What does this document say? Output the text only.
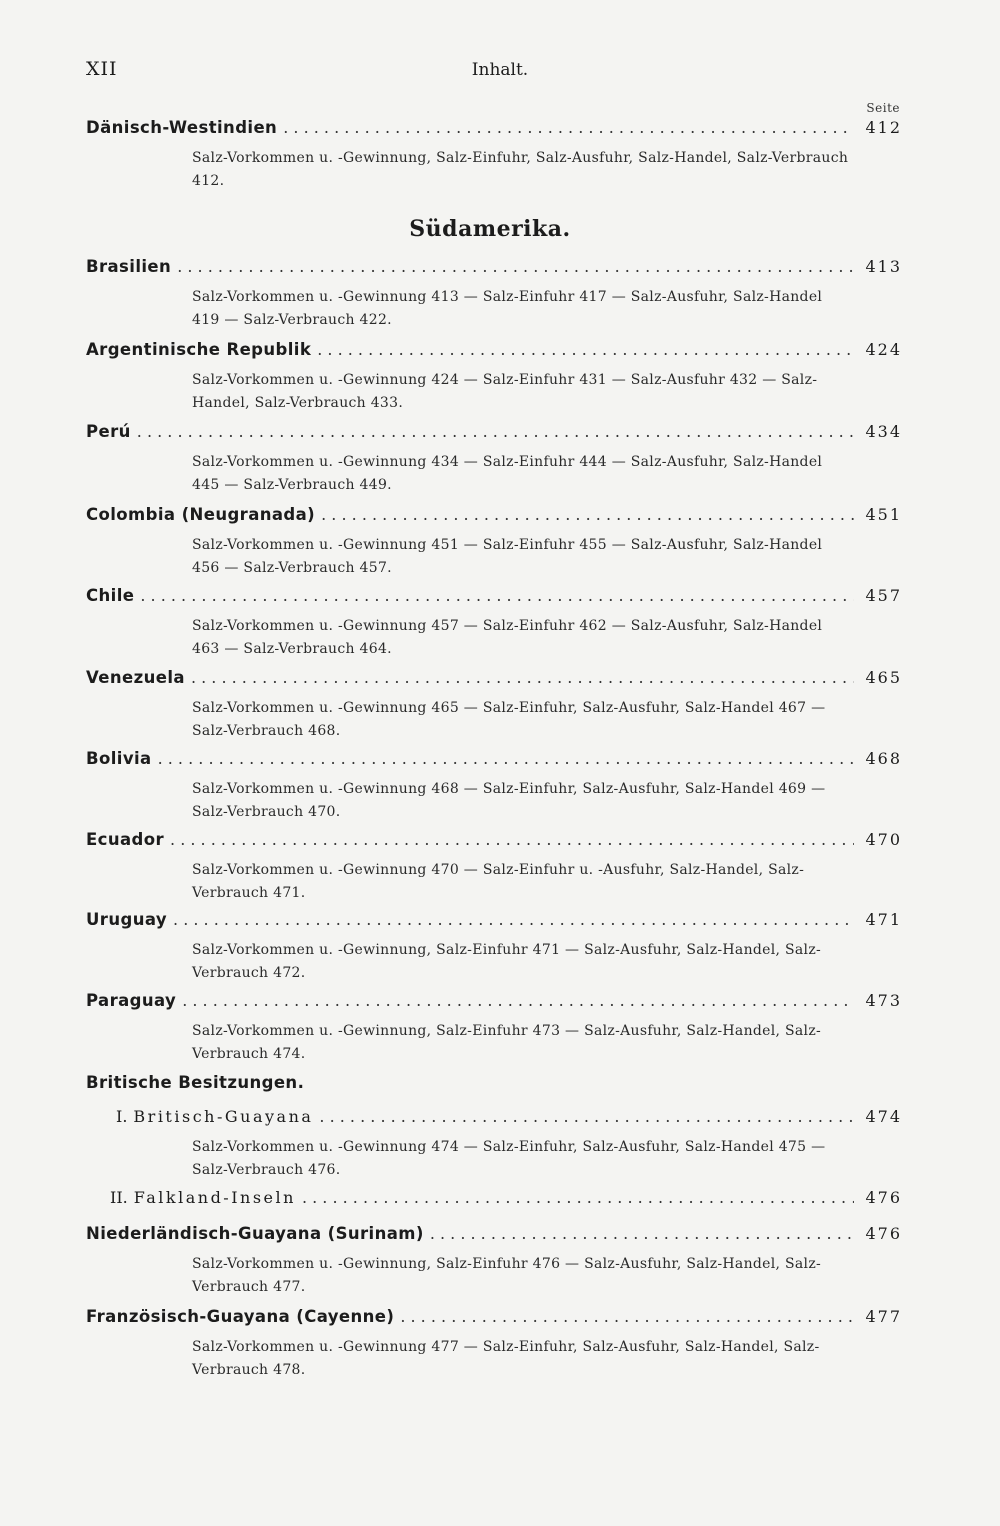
XII	Inhalt.
Seite
Dänisch-Westindien . . .	412
Salz-Vorkommen u. -Gewinnung, Salz-Einfuhr, Salz-Ausfuhr, Salz-Handel, Salz-Verbrauch 412.
Südamerika.
Brasilien . . .	413
Salz-Vorkommen u. -Gewinnung 413 — Salz-Einfuhr 417 — Salz-Ausfuhr, Salz-Handel 419 — Salz-Verbrauch 422.
Argentinische Republik . . .	424
Salz-Vorkommen u. -Gewinnung 424 — Salz-Einfuhr 431 — Salz-Ausfuhr 432 — Salz-Handel, Salz-Verbrauch 433.
Perú . . .	434
Salz-Vorkommen u. -Gewinnung 434 — Salz-Einfuhr 444 — Salz-Ausfuhr, Salz-Handel 445 — Salz-Verbrauch 449.
Colombia (Neugranada) . . .	451
Salz-Vorkommen u. -Gewinnung 451 — Salz-Einfuhr 455 — Salz-Ausfuhr, Salz-Handel 456 — Salz-Verbrauch 457.
Chile . . .	457
Salz-Vorkommen u. -Gewinnung 457 — Salz-Einfuhr 462 — Salz-Ausfuhr, Salz-Handel 463 — Salz-Verbrauch 464.
Venezuela . . .	465
Salz-Vorkommen u. -Gewinnung 465 — Salz-Einfuhr, Salz-Ausfuhr, Salz-Handel 467 — Salz-Verbrauch 468.
Bolivia . . .	468
Salz-Vorkommen u. -Gewinnung 468 — Salz-Einfuhr, Salz-Ausfuhr, Salz-Handel 469 — Salz-Verbrauch 470.
Ecuador . . .	470
Salz-Vorkommen u. -Gewinnung 470 — Salz-Einfuhr u. -Ausfuhr, Salz-Handel, Salz-Verbrauch 471.
Uruguay . . .	471
Salz-Vorkommen u. -Gewinnung, Salz-Einfuhr 471 — Salz-Ausfuhr, Salz-Handel, Salz-Verbrauch 472.
Paraguay . . .	473
Salz-Vorkommen u. -Gewinnung, Salz-Einfuhr 473 — Salz-Ausfuhr, Salz-Handel, Salz-Verbrauch 474.
Britische Besitzungen.
I. Britisch-Guayana . . .	474
Salz-Vorkommen u. -Gewinnung 474 — Salz-Einfuhr, Salz-Ausfuhr, Salz-Handel 475 — Salz-Verbrauch 476.
II. Falkland-Inseln . . .	476
Niederländisch-Guayana (Surinam) . . .	476
Salz-Vorkommen u. -Gewinnung, Salz-Einfuhr 476 — Salz-Ausfuhr, Salz-Handel, Salz-Verbrauch 477.
Französisch-Guayana (Cayenne) . . .	477
Salz-Vorkommen u. -Gewinnung 477 — Salz-Einfuhr, Salz-Ausfuhr, Salz-Handel, Salz-Verbrauch 478.
